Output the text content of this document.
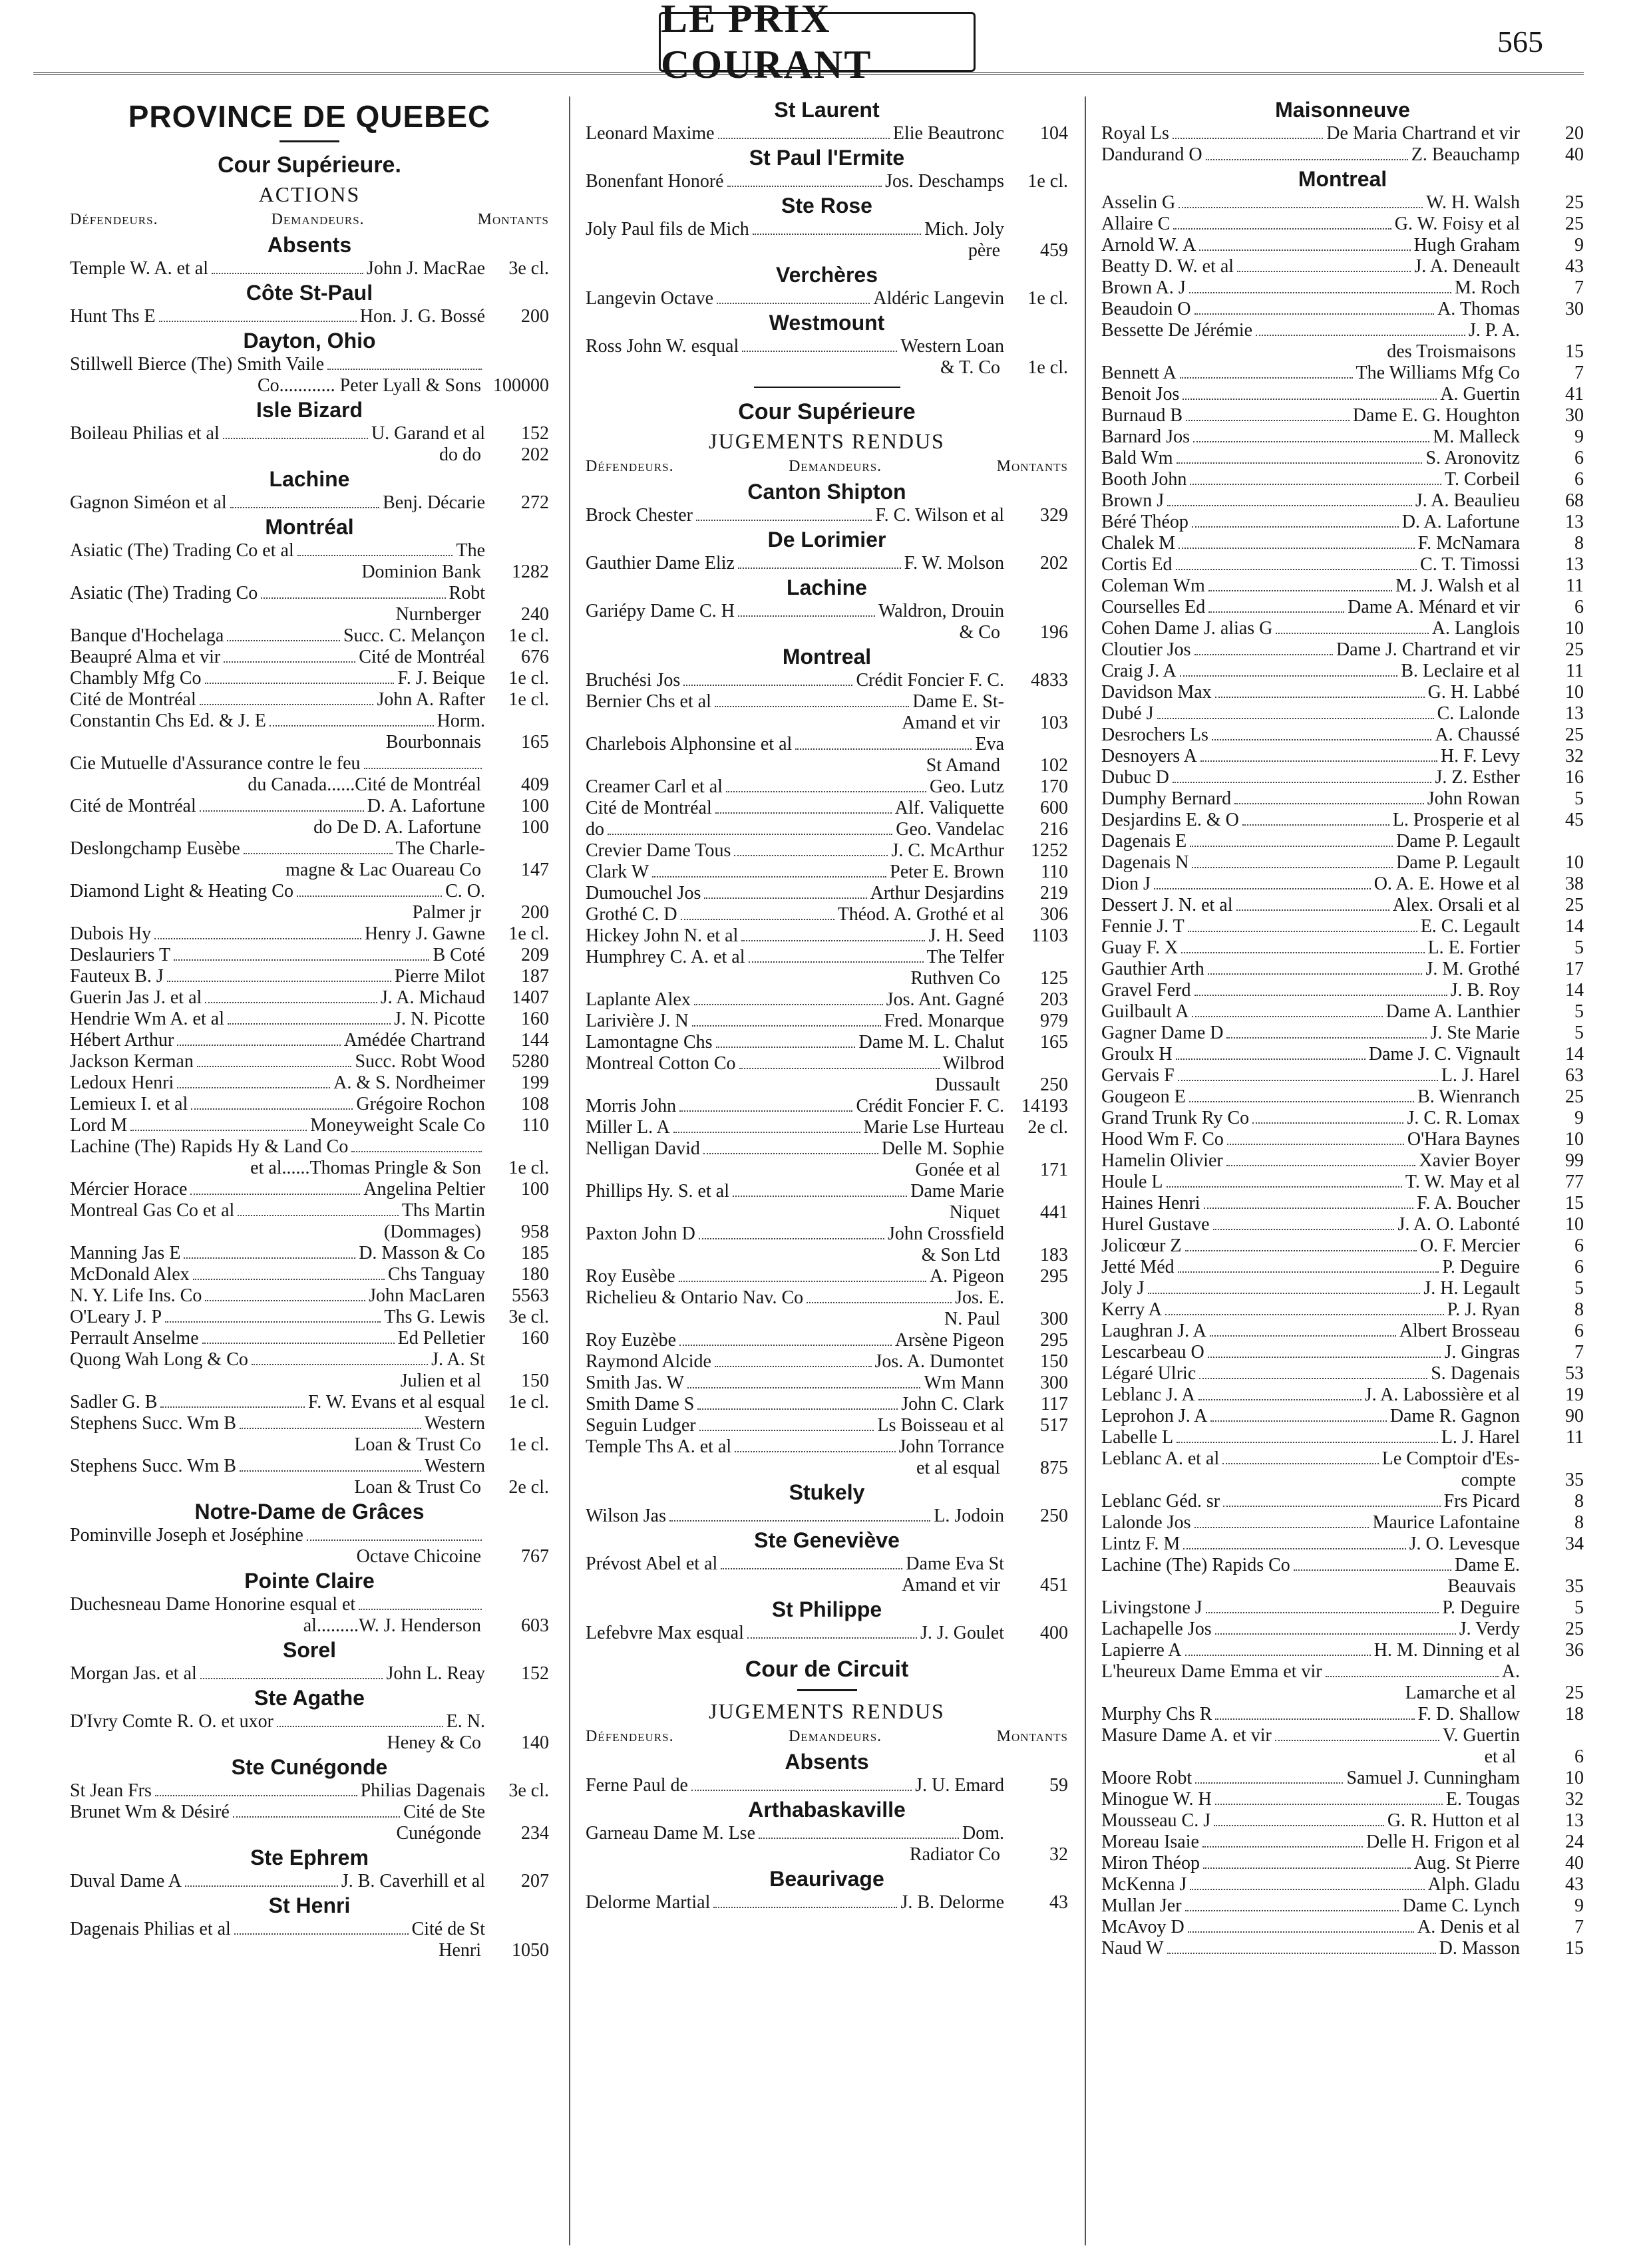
LE PRIX COURANT
565
PROVINCE DE QUEBEC
Cour Supérieure.
ACTIONS
Défendeurs.	Demandeurs.	Montants
Absents
Temple W. A. et al	John J. MacRae	3e cl.
Côte St-Paul
Hunt Ths E	Hon. J. G. Bossé	200
Dayton, Ohio
Stillwell Bierce (The) Smith Vaile
Co............ Peter Lyall & Sons 100000
Isle Bizard
Boileau Philias et al	U. Garand et al	152
do do	202
Lachine
Gagnon Siméon et al	Benj. Décarie	272
Montréal
Asiatic (The) Trading Co et al	The
Dominion Bank	1282
Asiatic (The) Trading Co	Robt
Nurnberger	240
Banque d'Hochelaga	Succ. C. Melançon	1e cl.
Beaupré Alma et vir	Cité de Montréal	676
Chambly Mfg Co	F. J. Beique	1e cl.
Cité de Montréal	John A. Rafter	1e cl.
Constantin Chs Ed. & J. E	Horm.
Bourbonnais	165
Cie Mutuelle d'Assurance contre le feu
du Canada......Cité de Montréal	409
Cité de Montréal	D. A. Lafortune	100
do De D. A. Lafortune	100
Deslongchamp Eusèbe	The Charle-
magne & Lac Ouareau Co	147
Diamond Light & Heating Co	C. O.
Palmer jr	200
Dubois Hy	Henry J. Gawne	1e cl.
Deslauriers T	B Coté	209
Fauteux B. J	Pierre Milot	187
Guerin Jas J. et al	J. A. Michaud	1407
Hendrie Wm A. et al	J. N. Picotte	160
Hébert Arthur	Amédée Chartrand	144
Jackson Kerman	Succ. Robt Wood	5280
Ledoux Henri	A. & S. Nordheimer	199
Lemieux I. et al	Grégoire Rochon	108
Lord M	Moneyweight Scale Co	110
Lachine (The) Rapids Hy & Land Co
et al......Thomas Pringle & Son	1e cl.
Mércier Horace	Angelina Peltier	100
Montreal Gas Co et al	Ths Martin
(Dommages)	958
Manning Jas E	D. Masson & Co	185
McDonald Alex	Chs Tanguay	180
N. Y. Life Ins. Co	John MacLaren	5563
O'Leary J. P	Ths G. Lewis	3e cl.
Perrault Anselme	Ed Pelletier	160
Quong Wah Long & Co	J. A. St
Julien et al	150
Sadler G. B	F. W. Evans et al esqual	1e cl.
Stephens Succ. Wm B	Western
Loan & Trust Co	1e cl.
Stephens Succ. Wm B	Western
Loan & Trust Co	2e cl.
Notre-Dame de Grâces
Pominville Joseph et Joséphine
Octave Chicoine	767
Pointe Claire
Duchesneau Dame Honorine esqual et
al.........W. J. Henderson	603
Sorel
Morgan Jas. et al	John L. Reay	152
Ste Agathe
D'Ivry Comte R. O. et uxor	E. N.
Heney & Co	140
Ste Cunégonde
St Jean Frs	Philias Dagenais	3e cl.
Brunet Wm & Désiré	Cité de Ste
Cunégonde	234
Ste Ephrem
Duval Dame A	J. B. Caverhill et al	207
St Henri
Dagenais Philias et al	Cité de St
Henri	1050
St Laurent
Leonard Maxime	Elie Beautronc	104
St Paul l'Ermite
Bonenfant Honoré	Jos. Deschamps	1e cl.
Ste Rose
Joly Paul fils de Mich	Mich. Joly
père	459
Verchères
Langevin Octave	Aldéric Langevin	1e cl.
Westmount
Ross John W. esqual	Western Loan
& T. Co	1e cl.
Cour Supérieure
JUGEMENTS RENDUS
Défendeurs.	Demandeurs.	Montants
Canton Shipton
Brock Chester	F. C. Wilson et al	329
De Lorimier
Gauthier Dame Eliz	F. W. Molson	202
Lachine
Gariépy Dame C. H	Waldron, Drouin
& Co	196
Montreal
Bruchési Jos	Crédit Foncier F. C.	4833
Bernier Chs et al	Dame E. St-
Amand et vir	103
Charlebois Alphonsine et al	Eva
St Amand	102
Creamer Carl et al	Geo. Lutz	170
Cité de Montréal	Alf. Valiquette	600
do	Geo. Vandelac	216
Crevier Dame Tous	J. C. McArthur	1252
Clark W	Peter E. Brown	110
Dumouchel Jos	Arthur Desjardins	219
Grothé C. D	Théod. A. Grothé et al	306
Hickey John N. et al	J. H. Seed	1103
Humphrey C. A. et al	The Telfer
Ruthven Co	125
Laplante Alex	Jos. Ant. Gagné	203
Larivière J. N	Fred. Monarque	979
Lamontagne Chs	Dame M. L. Chalut	165
Montreal Cotton Co	Wilbrod
Dussault	250
Morris John	Crédit Foncier F. C. 14193
Miller L. A	Marie Lse Hurteau	2e cl.
Nelligan David	Delle M. Sophie
Gonée et al	171
Phillips Hy. S. et al	Dame Marie
Niquet	441
Paxton John D	John Crossfield
& Son Ltd	183
Roy Eusèbe	A. Pigeon	295
Richelieu & Ontario Nav. Co	Jos. E.
N. Paul	300
Roy Euzèbe	Arsène Pigeon	295
Raymond Alcide	Jos. A. Dumontet	150
Smith Jas. W	Wm Mann	300
Smith Dame S	John C. Clark	117
Seguin Ludger	Ls Boisseau et al	517
Temple Ths A. et al	John Torrance
et al esqual	875
Stukely
Wilson Jas	L. Jodoin	250
Ste Geneviève
Prévost Abel et al	Dame Eva St
Amand et vir	451
St Philippe
Lefebvre Max esqual	J. J. Goulet	400
Cour de Circuit
JUGEMENTS RENDUS
Défendeurs.	Demandeurs.	Montants
Absents
Ferne Paul de	J. U. Emard	59
Arthabaskaville
Garneau Dame M. Lse	Dom.
Radiator Co	32
Beaurivage
Delorme Martial	J. B. Delorme	43
Maisonneuve
Royal Ls	De Maria Chartrand et vir	20
Dandurand O	Z. Beauchamp	40
Montreal
Asselin G	W. H. Walsh	25
Allaire C	G. W. Foisy et al	25
Arnold W. A	Hugh Graham	9
Beatty D. W. et al	J. A. Deneault	43
Brown A. J	M. Roch	7
Beaudoin O	A. Thomas	30
Bessette De Jérémie	J. P. A.
des Troismaisons	15
Bennett A	The Williams Mfg Co	7
Benoit Jos	A. Guertin	41
Burnaud B	Dame E. G. Houghton	30
Barnard Jos	M. Malleck	9
Bald Wm	S. Aronovitz	6
Booth John	T. Corbeil	6
Brown J	J. A. Beaulieu	68
Béré Théop	D. A. Lafortune	13
Chalek M	F. McNamara	8
Cortis Ed	C. T. Timossi	13
Coleman Wm	M. J. Walsh et al	11
Courselles Ed	Dame A. Ménard et vir	6
Cohen Dame J. alias G	A. Langlois	10
Cloutier Jos	Dame J. Chartrand et vir	25
Craig J. A	B. Leclaire et al	11
Davidson Max	G. H. Labbé	10
Dubé J	C. Lalonde	13
Desrochers Ls	A. Chaussé	25
Desnoyers A	H. F. Levy	32
Dubuc D	J. Z. Esther	16
Dumphy Bernard	John Rowan	5
Desjardins E. & O	L. Prosperie et al	45
Dagenais E	Dame P. Legault
Dagenais N	Dame P. Legault	10
Dion J	O. A. E. Howe et al	38
Dessert J. N. et al	Alex. Orsali et al	25
Fennie J. T	E. C. Legault	14
Guay F. X	L. E. Fortier	5
Gauthier Arth	J. M. Grothé	17
Gravel Ferd	J. B. Roy	14
Guilbault A	Dame A. Lanthier	5
Gagner Dame D	J. Ste Marie	5
Groulx H	Dame J. C. Vignault	14
Gervais F	L. J. Harel	63
Gougeon E	B. Wienranch	25
Grand Trunk Ry Co	J. C. R. Lomax	9
Hood Wm F. Co	O'Hara Baynes	10
Hamelin Olivier	Xavier Boyer	99
Houle L	T. W. May et al	77
Haines Henri	F. A. Boucher	15
Hurel Gustave	J. A. O. Labonté	10
Jolicœur Z	O. F. Mercier	6
Jetté Méd	P. Deguire	6
Joly J	J. H. Legault	5
Kerry A	P. J. Ryan	8
Laughran J. A	Albert Brosseau	6
Lescarbeau O	J. Gingras	7
Légaré Ulric	S. Dagenais	53
Leblanc J. A	J. A. Labossière et al	19
Leprohon J. A	Dame R. Gagnon	90
Labelle L	L. J. Harel	11
Leblanc A. et al	Le Comptoir d'Es-
compte	35
Leblanc Géd. sr	Frs Picard	8
Lalonde Jos	Maurice Lafontaine	8
Lintz F. M	J. O. Levesque	34
Lachine (The) Rapids Co	Dame E.
Beauvais	35
Livingstone J	P. Deguire	5
Lachapelle Jos	J. Verdy	25
Lapierre A	H. M. Dinning et al	36
L'heureux Dame Emma et vir	A.
Lamarche et al	25
Murphy Chs R	F. D. Shallow	18
Masure Dame A. et vir	V. Guertin
et al	6
Moore Robt	Samuel J. Cunningham	10
Minogue W. H	E. Tougas	32
Mousseau C. J	G. R. Hutton et al	13
Moreau Isaie	Delle H. Frigon et al	24
Miron Théop	Aug. St Pierre	40
McKenna J	Alph. Gladu	43
Mullan Jer	Dame C. Lynch	9
McAvoy D	A. Denis et al	7
Naud W	D. Masson	15
